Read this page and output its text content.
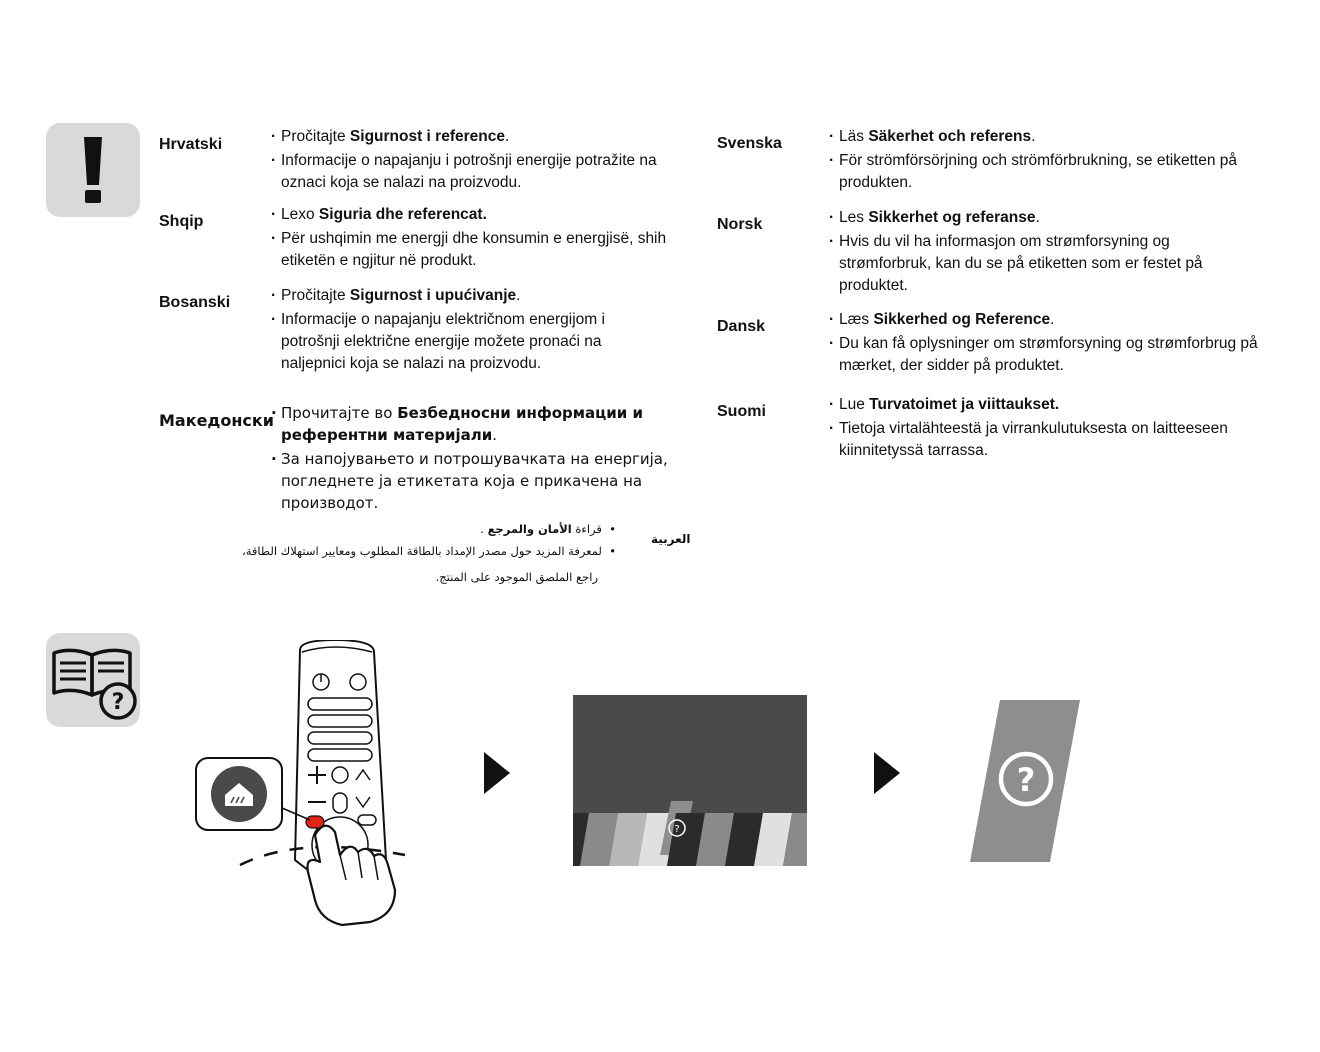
Hrvatski	· Pročitajte Sigurnost i reference.
· Informacije o napajanju i potrošnji energije potražite na oznaci koja se nalazi na proizvodu.
Shqip	· Lexo Siguria dhe referencat.
· Për ushqimin me energji dhe konsumin e energjisë, shih etiketën e ngjitur në produkt.
Bosanski	· Pročitajte Sigurnost i upućivanje.
· Informacije o napajanju električnom energijom i potrošnji električne energije možete pronaći na naljepnici koja se nalazi na proizvodu.
Македонски · Прочитајте во Безбедносни информации и референтни материјали.
· За напојувањето и потрошувачката на енергија, погледнете ја етикетата која е прикачена на производот.
العربية
•  قراءة الأمان والمرجع .
•  لمعرفة المزيد حول مصدر الإمداد بالطاقة المطلوب ومعايير استهلاك الطاقة،
راجع الملصق الموجود على المنتج.
Svenska	· Läs Säkerhet och referens.
· För strömförsörjning och strömförbrukning, se etiketten på produkten.
Norsk	· Les Sikkerhet og referanse.
· Hvis du vil ha informasjon om strømforsyning og strømforbruk, kan du se på etiketten som er festet på produktet.
Dansk	· Læs Sikkerhed og Reference.
· Du kan få oplysninger om strømforsyning og strømforbrug på mærket, der sidder på produktet.
Suomi	· Lue Turvatoimet ja viittaukset.
· Tietoja virtalähteestä ja virrankulutuksesta on laitteeseen kiinnitetyssä tarrassa.
?
?
?
